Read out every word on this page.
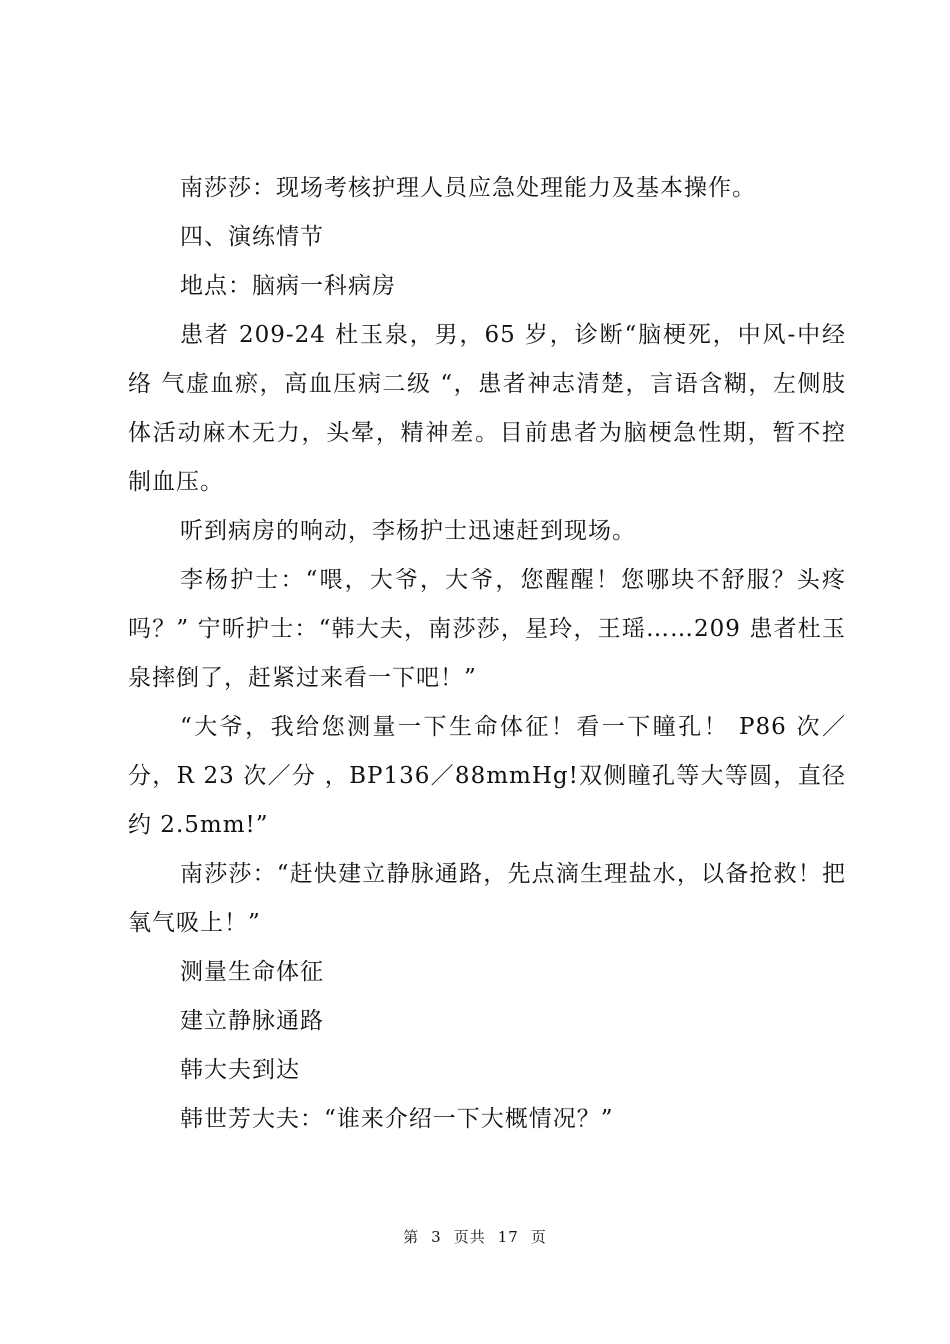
南莎莎：现场考核护理人员应急处理能力及基本操作。

四、演练情节

地点：脑病一科病房

患者 209-24 杜玉泉，男，65 岁，诊断“脑梗死，中风-中经络 气虚血瘀，高血压病二级 “，患者神志清楚，言语含糊，左侧肢体活动麻木无力，头晕，精神差。目前患者为脑梗急性期，暂不控制血压。

听到病房的响动，李杨护士迅速赶到现场。

李杨护士：“喂，大爷，大爷，您醒醒！您哪块不舒服？头疼吗？” 宁昕护士：“韩大夫，南莎莎，星玲，王瑶……209 患者杜玉泉摔倒了，赶紧过来看一下吧！”

“大爷，我给您测量一下生命体征！看一下瞳孔！ P86 次／分，R 23 次／分 ，BP136／88mmHg!双侧瞳孔等大等圆，直径约 2.5mm!”

南莎莎：“赶快建立静脉通路，先点滴生理盐水，以备抢救！把氧气吸上！”

测量生命体征

建立静脉通路

韩大夫到达

韩世芳大夫：“谁来介绍一下大概情况？”

第 3 页共 17 页
